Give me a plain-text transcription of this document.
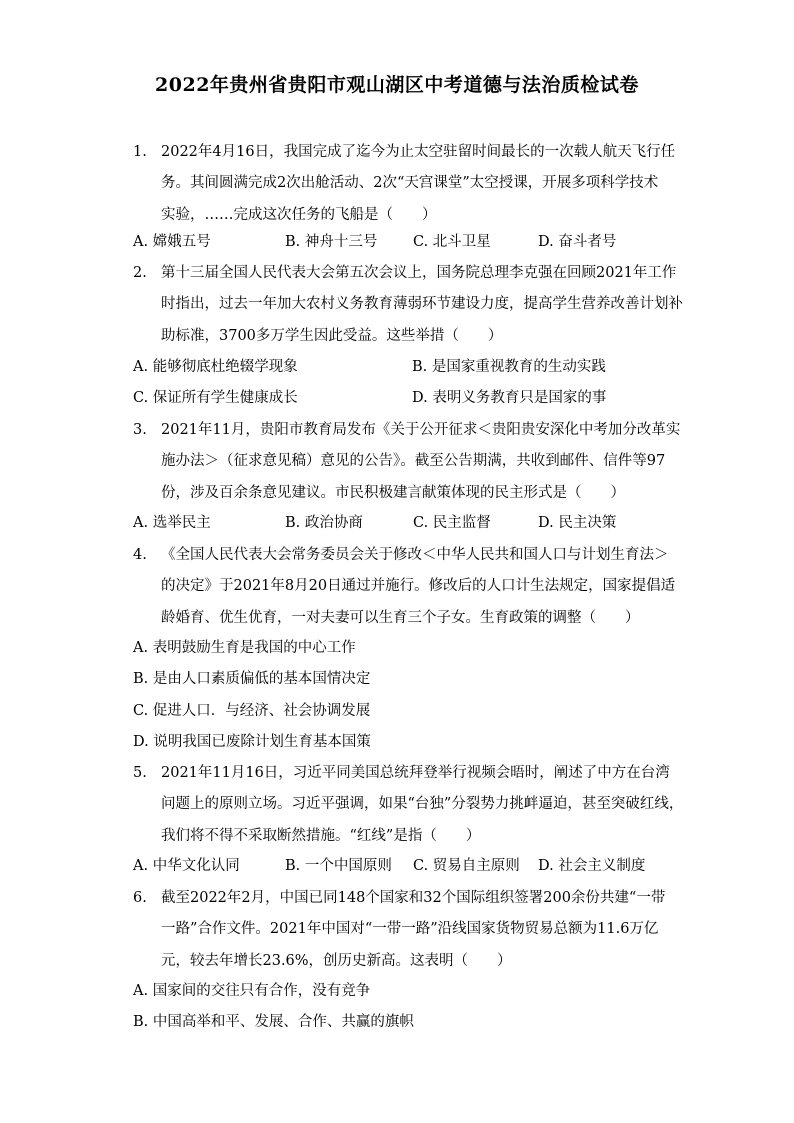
2022年贵州省贵阳市观山湖区中考道德与法治质检试卷
1. 2022年4月16日，我国完成了迄今为止太空驻留时间最长的一次载人航天飞行任
务。其间圆满完成2次出舱活动、2次“天宫课堂”太空授课，开展多项科学技术
实验，……完成这次任务的飞船是（　　）
A. 嫦娥五号	B. 神舟十三号 C. 北斗卫星	D. 奋斗者号
2. 第十三届全国人民代表大会第五次会议上，国务院总理李克强在回顾2021年工作
时指出，过去一年加大农村义务教育薄弱环节建设力度，提高学生营养改善计划补
助标准，3700多万学生因此受益。这些举措（　　）
A. 能够彻底杜绝辍学现象	B. 是国家重视教育的生动实践
C. 保证所有学生健康成长	D. 表明义务教育只是国家的事
3. 2021年11月，贵阳市教育局发布《关于公开征求＜贵阳贵安深化中考加分改革实
施办法＞（征求意见稿）意见的公告》。截至公告期满，共收到邮件、信件等97
份，涉及百余条意见建议。市民积极建言献策体现的民主形式是（　　）
A. 选举民主	B. 政治协商	C. 民主监督	D. 民主决策
4. 《全国人民代表大会常务委员会关于修改＜中华人民共和国人口与计划生育法＞
的决定》于2021年8月20日通过并施行。修改后的人口计生法规定，国家提倡适
龄婚育、优生优育，一对夫妻可以生育三个子女。生育政策的调整（　　）
A. 表明鼓励生育是我国的中心工作
B. 是由人口素质偏低的基本国情决定
C. 促进人口．与经济、社会协调发展
D. 说明我国已废除计划生育基本国策
5. 2021年11月16日，习近平同美国总统拜登举行视频会晤时，阐述了中方在台湾
问题上的原则立场。习近平强调，如果“台独”分裂势力挑衅逼迫，甚至突破红线，
我们将不得不采取断然措施。“红线”是指（　　）
A. 中华文化认同	B. 一个中国原则 C. 贸易自主原则 D. 社会主义制度
6. 截至2022年2月，中国已同148个国家和32个国际组织签署200余份共建“一带
一路”合作文件。2021年中国对“一带一路”沿线国家货物贸易总额为11.6万亿
元，较去年增长23.6%，创历史新高。这表明（　　）
A. 国家间的交往只有合作，没有竞争
B. 中国高举和平、发展、合作、共赢的旗帜
